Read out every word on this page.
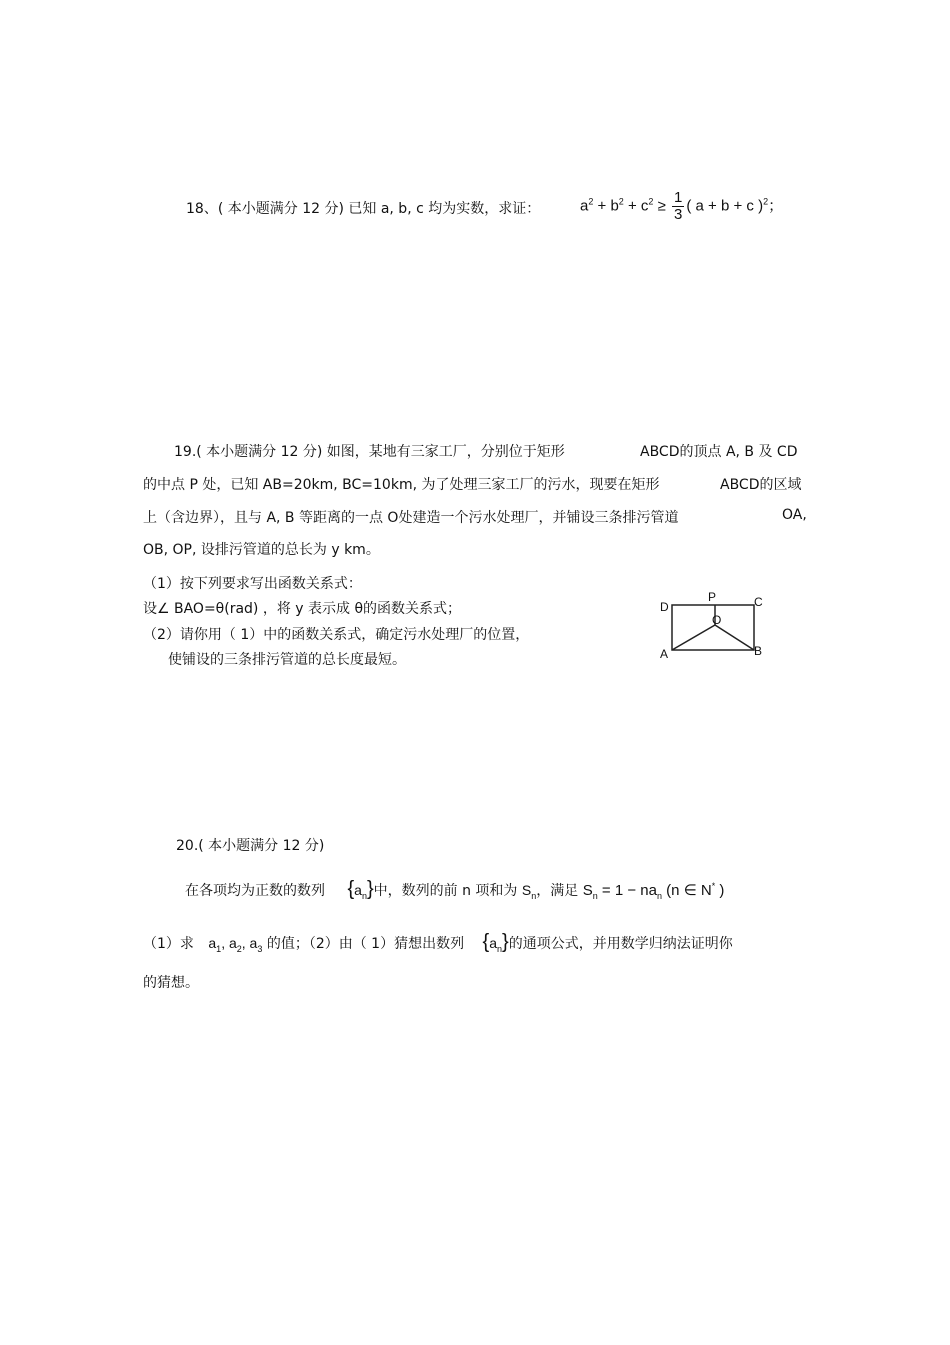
18、( 本小题满分 12 分) 已知 a, b, c 均为实数，求证：	$a^2 + b^2 + c^2 \ge \frac{1}{3}$ ( a + b + c )$^2$；
19.( 本小题满分 12 分) 如图，某地有三家工厂，分别位于矩形	ABCD的顶点 A, B 及 CD
的中点 P 处，已知 AB=20km, BC=10km, 为了处理三家工厂的污水，现要在矩形	ABCD的区域
上（含边界），且与 A, B 等距离的一点 O处建造一个污水处理厂，并铺设三条排污管道	OA,
OB, OP, 设排污管道的总长为 y km。
（1）按下列要求写出函数关系式：
设∠ BAO=θ(rad) ，将 y 表示成 θ的函数关系式；
（2）请你用（ 1）中的函数关系式，确定污水处理厂的位置，
使铺设的三条排污管道的总长度最短。
D
P	C
O
A	B
20.( 本小题满分 12 分)
在各项均为正数的数列 $\{a_n\}$中，数列的前 n 项和为 $S_n$，满足 $S_n = 1 - na_n$ (n ∈ N* )
（1）求 $a_1$, $a_2$, $a_3$ 的值；（2）由（ 1）猜想出数列 $\{a_n\}$的通项公式，并用数学归纳法证明你
的猜想。
